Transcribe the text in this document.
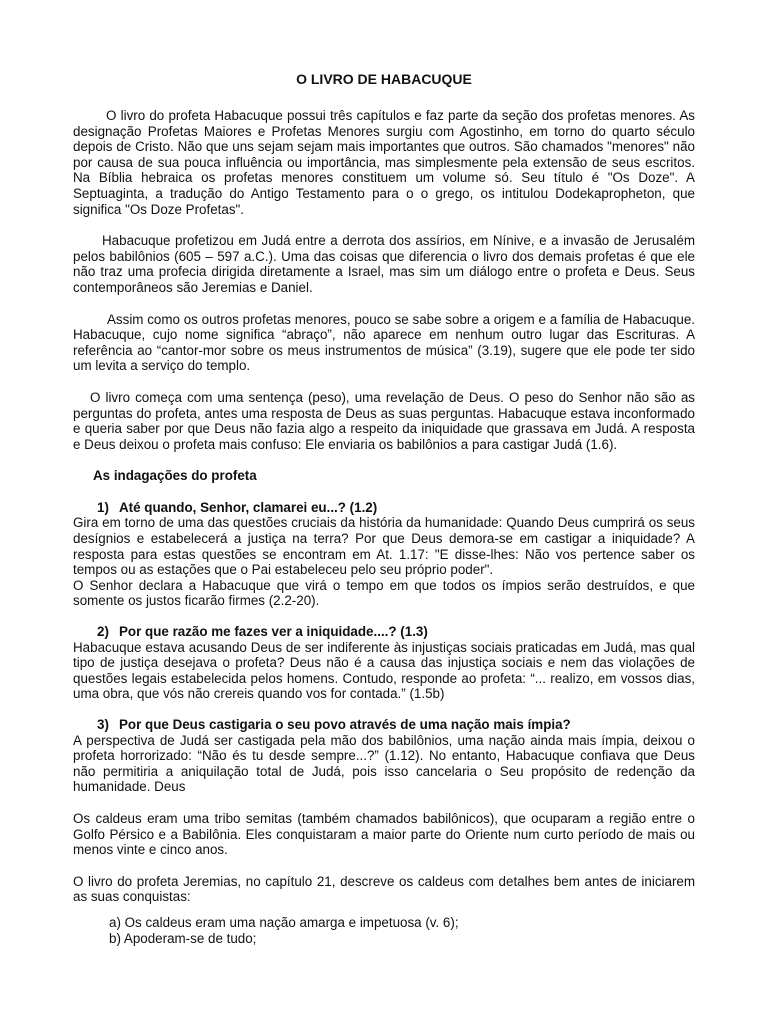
O LIVRO DE HABACUQUE

O livro do profeta Habacuque possui três capítulos e faz parte da seção dos profetas menores. As designação Profetas Maiores e Profetas Menores surgiu com Agostinho, em torno do quarto século depois de Cristo. Não que uns sejam sejam mais importantes que outros. São chamados "menores" não por causa de sua pouca influência ou importância, mas simplesmente pela extensão de seus escritos. Na Bíblia hebraica os profetas menores constituem um volume só. Seu título é "Os Doze". A Septuaginta, a tradução do Antigo Testamento para o o grego, os intitulou Dodekapropheton, que significa "Os Doze Profetas".

Habacuque profetizou em Judá entre a derrota dos assírios, em Nínive, e a invasão de Jerusalém pelos babilônios (605 – 597 a.C.). Uma das coisas que diferencia o livro dos demais profetas é que ele não traz uma profecia dirigida diretamente a Israel, mas sim um diálogo entre o profeta e Deus. Seus contemporâneos são Jeremias e Daniel.

Assim como os outros profetas menores, pouco se sabe sobre a origem e a família de Habacuque. Habacuque, cujo nome significa “abraço”, não aparece em nenhum outro lugar das Escrituras. A referência ao “cantor-mor sobre os meus instrumentos de música” (3.19), sugere que ele pode ter sido um levita a serviço do templo.

O livro começa com uma sentença (peso), uma revelação de Deus. O peso do Senhor não são as perguntas do profeta, antes uma resposta de Deus as suas perguntas. Habacuque estava inconformado e queria saber por que Deus não fazia algo a respeito da iniquidade que grassava em Judá. A resposta e Deus deixou o profeta mais confuso: Ele enviaria os babilônios a para castigar Judá (1.6).

As indagações do profeta
1) Até quando, Senhor, clamarei eu...? (1.2)

Gira em torno de uma das questões cruciais da história da humanidade: Quando Deus cumprirá os seus desígnios e estabelecerá a justiça na terra? Por que Deus demora-se em castigar a iniquidade? A resposta para estas questões se encontram em At. 1.17: "E disse-lhes: Não vos pertence saber os tempos ou as estações que o Pai estabeleceu pelo seu próprio poder".

O Senhor declara a Habacuque que virá o tempo em que todos os ímpios serão destruídos, e que somente os justos ficarão firmes (2.2-20).

2) Por que razão me fazes ver a iniquidade....? (1.3)

Habacuque estava acusando Deus de ser indiferente às injustiças sociais praticadas em Judá, mas qual tipo de justiça desejava o profeta? Deus não é a causa das injustiça sociais e nem das violações de questões legais estabelecida pelos homens. Contudo, responde ao profeta: “... realizo, em vossos dias, uma obra, que vós não crereis quando vos for contada.” (1.5b)

3) Por que Deus castigaria o seu povo através de uma nação mais ímpia?

A perspectiva de Judá ser castigada pela mão dos babilônios, uma nação ainda mais ímpia, deixou o profeta horrorizado: “Não és tu desde sempre...?” (1.12). No entanto, Habacuque confiava que Deus não permitiria a aniquilação total de Judá, pois isso cancelaria o Seu propósito de redenção da humanidade. Deus

Os caldeus eram uma tribo semitas (também chamados babilônicos), que ocuparam a região entre o Golfo Pérsico e a Babilônia. Eles conquistaram a maior parte do Oriente num curto período de mais ou menos vinte e cinco anos.

O livro do profeta Jeremias, no capítulo 21, descreve os caldeus com detalhes bem antes de iniciarem as suas conquistas:

a) Os caldeus eram uma nação amarga e impetuosa (v. 6);
b) Apoderam-se de tudo;
